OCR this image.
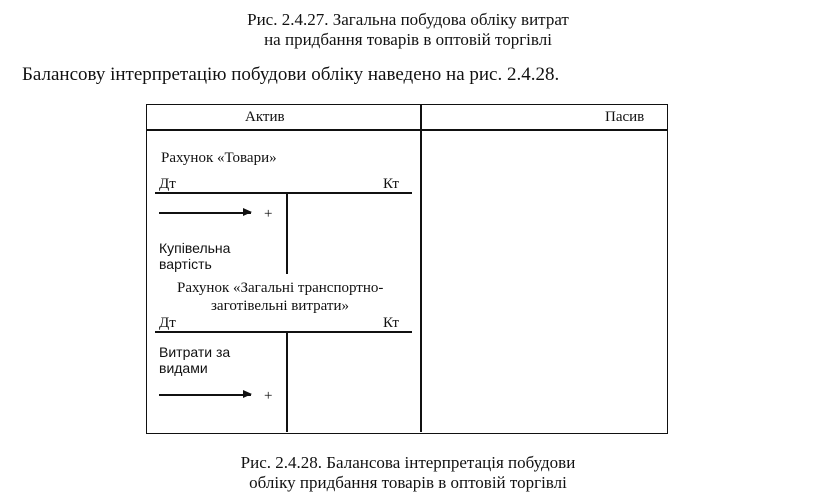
Рис. 2.4.27. Загальна побудова обліку витрат
на придбання товарів в оптовій торгівлі
Балансову інтерпретацію побудови обліку наведено на рис. 2.4.28.
Актив	Пасив
Рахунок «Товари»
Дт	Кт
+
Купівельна
вартість
Рахунок «Загальні транспортно-
заготівельні витрати»
Дт	Кт
Витрати за
видами
+
Рис. 2.4.28. Балансова інтерпретація побудови
обліку придбання товарів в оптовій торгівлі
